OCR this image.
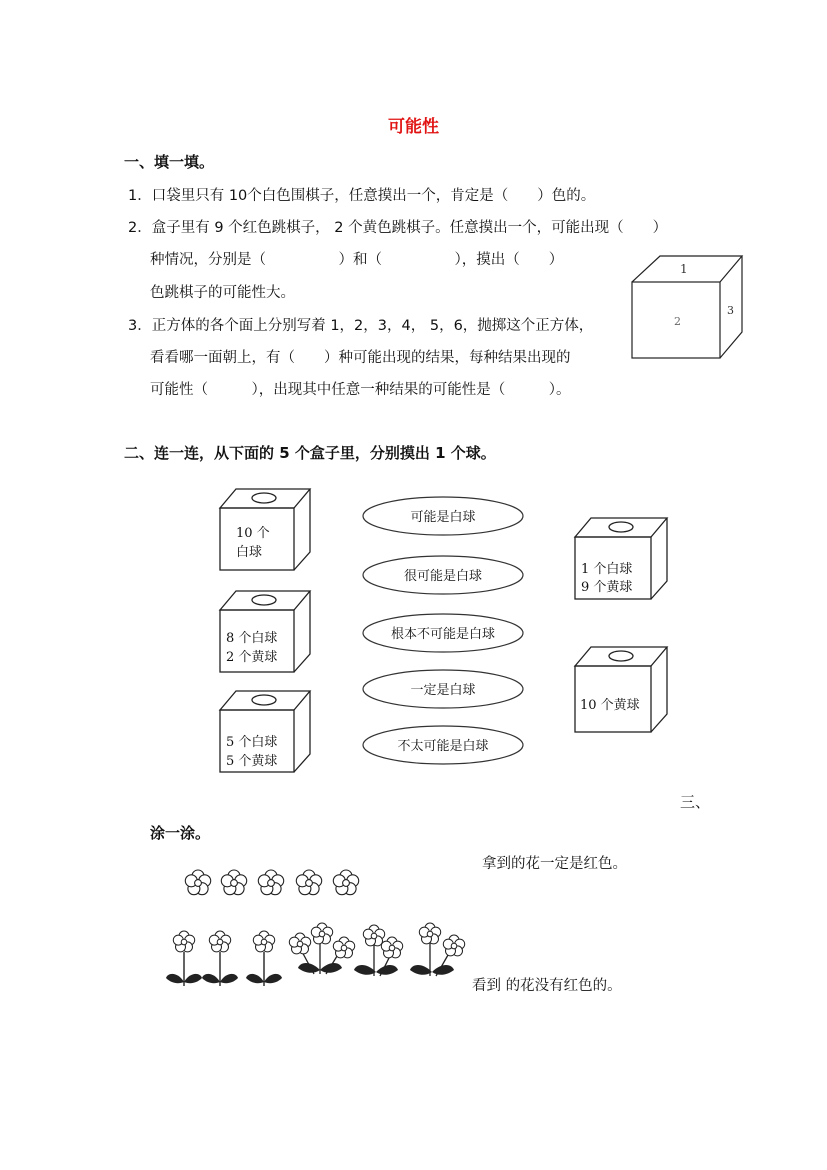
可能性
一、填一填。
1．口袋里只有 10个白色围棋子，任意摸出一个，肯定是（　　）色的。
2．盒子里有 9 个红色跳棋子， 2 个黄色跳棋子。任意摸出一个，可能出现（　　）
种情况，分别是（　　　　　）和（　　　　　），摸出（　　）
色跳棋子的可能性大。
3．正方体的各个面上分别写着 1，2，3，4， 5，6，抛掷这个正方体，
看看哪一面朝上，有（　　）种可能出现的结果，每种结果出现的
可能性（　　　），出现其中任意一种结果的可能性是（　　　）。
1
2
3
二、连一连，从下面的 5 个盒子里，分别摸出 1 个球。
10 个
白球
8 个白球
2 个黄球
5 个白球
5 个黄球
可能是白球
很可能是白球
根本不可能是白球
一定是白球
不太可能是白球
1 个白球
9 个黄球
10 个黄球
三、
涂一涂。
拿到的花一定是红色。
看到 的花没有红色的。
